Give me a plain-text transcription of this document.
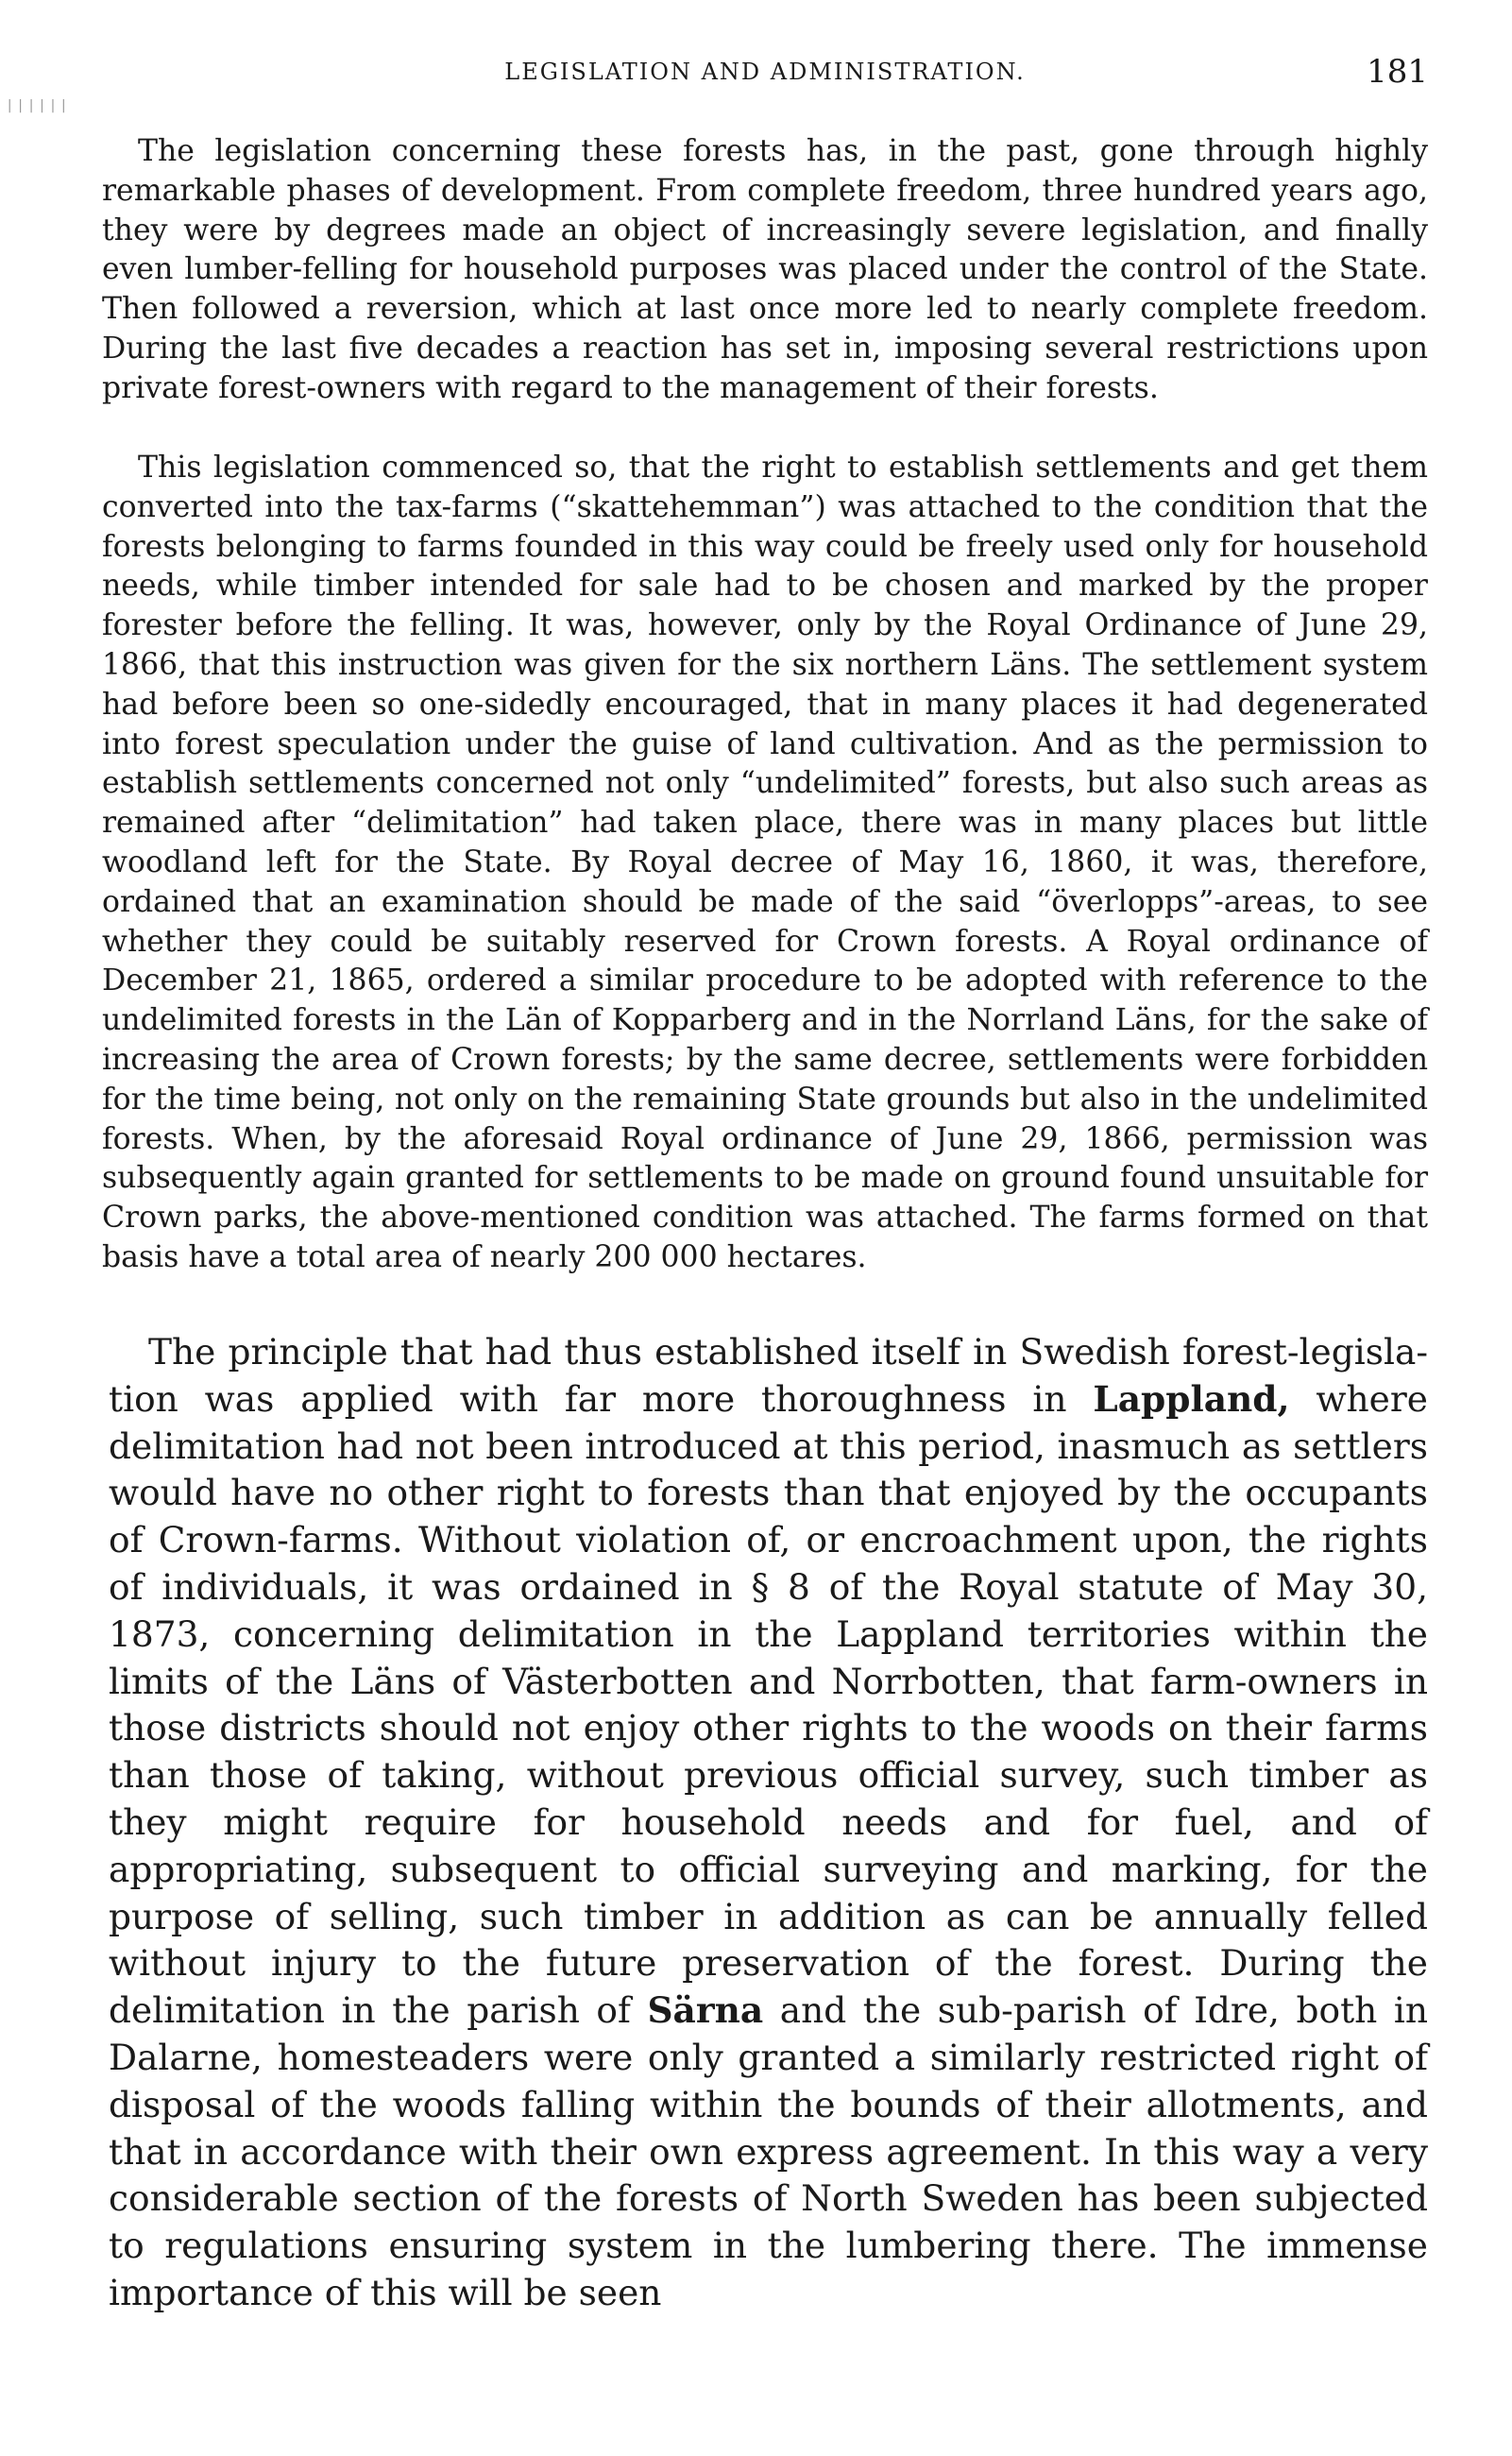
||||||
LEGISLATION AND ADMINISTRATION.	181

The legislation concerning these forests has, in the past, gone through highly remarkable phases of development. From complete freedom, three hundred years ago, they were by degrees made an object of increasingly severe legislation, and finally even lumber-felling for household purposes was placed under the control of the State. Then followed a reversion, which at last once more led to nearly complete freedom. During the last five decades a reaction has set in, imposing several restrictions upon private forest-owners with regard to the management of their forests.

This legislation commenced so, that the right to establish settlements and get them converted into the tax-farms (“skattehemman”) was attached to the condition that the forests belonging to farms founded in this way could be freely used only for household needs, while timber intended for sale had to be chosen and marked by the proper forester before the felling. It was, however, only by the Royal Ordinance of June 29, 1866, that this instruction was given for the six northern Läns. The settlement system had before been so one-sidedly encouraged, that in many places it had degenerated into forest speculation under the guise of land cultivation. And as the permission to establish settlements concerned not only “undelimited” forests, but also such areas as remained after “delimitation” had taken place, there was in many places but little woodland left for the State. By Royal decree of May 16, 1860, it was, therefore, ordained that an examination should be made of the said “överlopps”-areas, to see whether they could be suitably reserved for Crown forests. A Royal ordinance of December 21, 1865, ordered a similar procedure to be adopted with reference to the undelimited forests in the Län of Kopparberg and in the Norrland Läns, for the sake of increasing the area of Crown forests; by the same decree, settlements were forbidden for the time being, not only on the remaining State grounds but also in the undelimited forests. When, by the aforesaid Royal ordinance of June 29, 1866, permission was subsequently again granted for settlements to be made on ground found unsuitable for Crown parks, the above-mentioned condition was attached. The farms formed on that basis have a total area of nearly 200 000 hectares.

The principle that had thus established itself in Swedish forest-legislation was applied with far more thoroughness in Lappland, where delimitation had not been introduced at this period, inasmuch as settlers would have no other right to forests than that enjoyed by the occupants of Crown-farms. Without violation of, or encroachment upon, the rights of individuals, it was ordained in § 8 of the Royal statute of May 30, 1873, concerning delimitation in the Lappland territories within the limits of the Läns of Västerbotten and Norrbotten, that farm-owners in those districts should not enjoy other rights to the woods on their farms than those of taking, without previous official survey, such timber as they might require for household needs and for fuel, and of appropriating, subsequent to official surveying and marking, for the purpose of selling, such timber in addition as can be annually felled without injury to the future preservation of the forest. During the delimitation in the parish of Särna and the sub-parish of Idre, both in Dalarne, homesteaders were only granted a similarly restricted right of disposal of the woods falling within the bounds of their allotments, and that in accordance with their own express agreement. In this way a very considerable section of the forests of North Sweden has been subjected to regulations ensuring system in the lumbering there. The immense importance of this will be seen
